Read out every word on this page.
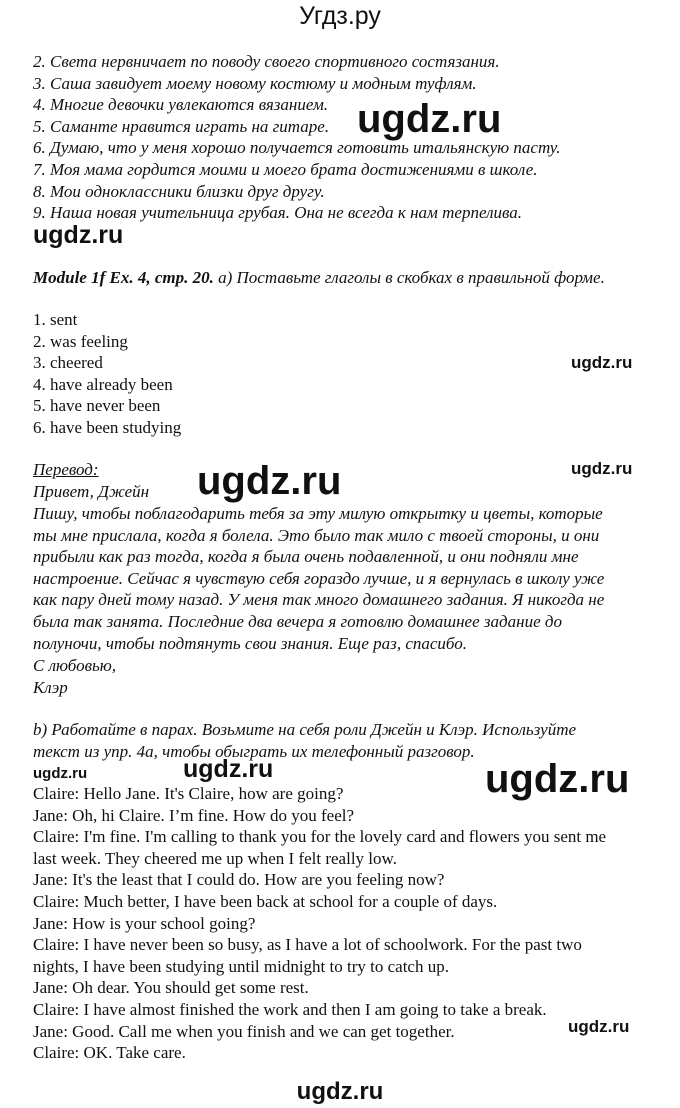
Угдз.ру
2. Света нервничает по поводу своего спортивного состязания.
3. Саша завидует моему новому костюму и модным туфлям.
4. Многие девочки увлекаются вязанием.
5. Саманте нравится играть на гитаре.
6. Думаю, что у меня хорошо получается готовить итальянскую пасту.
7. Моя мама гордится моими и моего брата достижениями в школе.
8. Мои одноклассники близки друг другу.
9. Наша новая учительница грубая. Она не всегда к нам терпелива.
Module 1f Ex. 4, стр. 20. а) Поставьте глаголы в скобках в правильной форме.
1. sent
2. was feeling
3. cheered
4. have already been
5. have never been
6. have been studying
Перевод:
Привет, Джейн
Пишу, чтобы поблагодарить тебя за эту милую открытку и цветы, которые
ты мне прислала, когда я болела. Это было так мило с твоей стороны, и они
прибыли как раз тогда, когда я была очень подавленной, и они подняли мне
настроение. Сейчас я чувствую себя гораздо лучше, и я вернулась в школу уже
как пару дней тому назад. У меня так много домашнего задания. Я никогда не
была так занята. Последние два вечера я готовлю домашнее задание до
полуночи, чтобы подтянуть свои знания. Еще раз, спасибо.
С любовью,
Клэр
b) Работайте в парах. Возьмите на себя роли Джейн и Клэр. Используйте
текст из упр. 4а, чтобы обыграть их телефонный разговор.
Claire: Hello Jane. It's Claire, how are going?
Jane: Oh, hi Claire. I’m fine. How do you feel?
Claire: I'm fine. I'm calling to thank you for the lovely card and flowers you sent me
last week. They cheered me up when I felt really low.
Jane: It's the least that I could do. How are you feeling now?
Claire: Much better, I have been back at school for a couple of days.
Jane: How is your school going?
Claire: I have never been so busy, as I have a lot of schoolwork. For the past two
nights, I have been studying until midnight to try to catch up.
Jane: Oh dear. You should get some rest.
Claire: I have almost finished the work and then I am going to take a break.
Jane: Good. Call me when you finish and we can get together.
Claire: OK. Take care.
ugdz.ru
ugdz.ru
ugdz.ru
ugdz.ru	ugdz.ru
ugdz.ru	ugdz.ru	ugdz.ru
ugdz.ru
ugdz.ru
